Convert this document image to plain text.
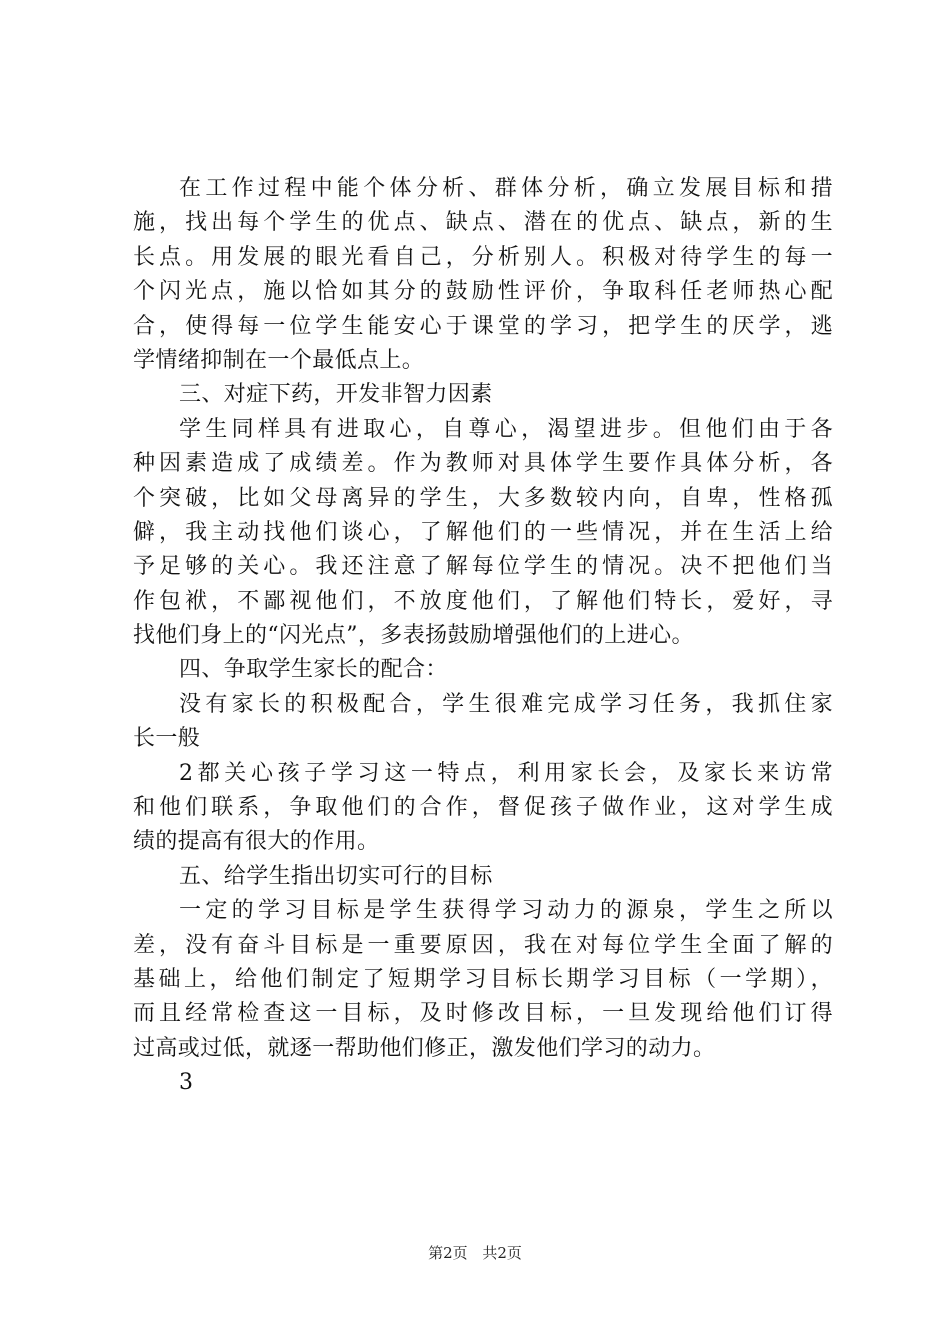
在工作过程中能个体分析、群体分析，确立发展目标和措
施，找出每个学生的优点、缺点、潜在的优点、缺点，新的生
长点。用发展的眼光看自己，分析别人。积极对待学生的每一
个闪光点，施以恰如其分的鼓励性评价，争取科任老师热心配
合，使得每一位学生能安心于课堂的学习，把学生的厌学，逃
学情绪抑制在一个最低点上。
三、对症下药，开发非智力因素
学生同样具有进取心，自尊心，渴望进步。但他们由于各
种因素造成了成绩差。作为教师对具体学生要作具体分析，各
个突破，比如父母离异的学生，大多数较内向，自卑，性格孤
僻，我主动找他们谈心，了解他们的一些情况，并在生活上给
予足够的关心。我还注意了解每位学生的情况。决不把他们当
作包袱，不鄙视他们，不放度他们，了解他们特长，爱好，寻
找他们身上的“闪光点”，多表扬鼓励增强他们的上进心。
四、争取学生家长的配合：
没有家长的积极配合，学生很难完成学习任务，我抓住家
长一般
2都关心孩子学习这一特点，利用家长会，及家长来访常
和他们联系，争取他们的合作，督促孩子做作业，这对学生成
绩的提高有很大的作用。
五、给学生指出切实可行的目标
一定的学习目标是学生获得学习动力的源泉，学生之所以
差，没有奋斗目标是一重要原因，我在对每位学生全面了解的
基础上，给他们制定了短期学习目标长期学习目标（一学期），
而且经常检查这一目标，及时修改目标，一旦发现给他们订得
过高或过低，就逐一帮助他们修正，激发他们学习的动力。
3
第2页 共2页
